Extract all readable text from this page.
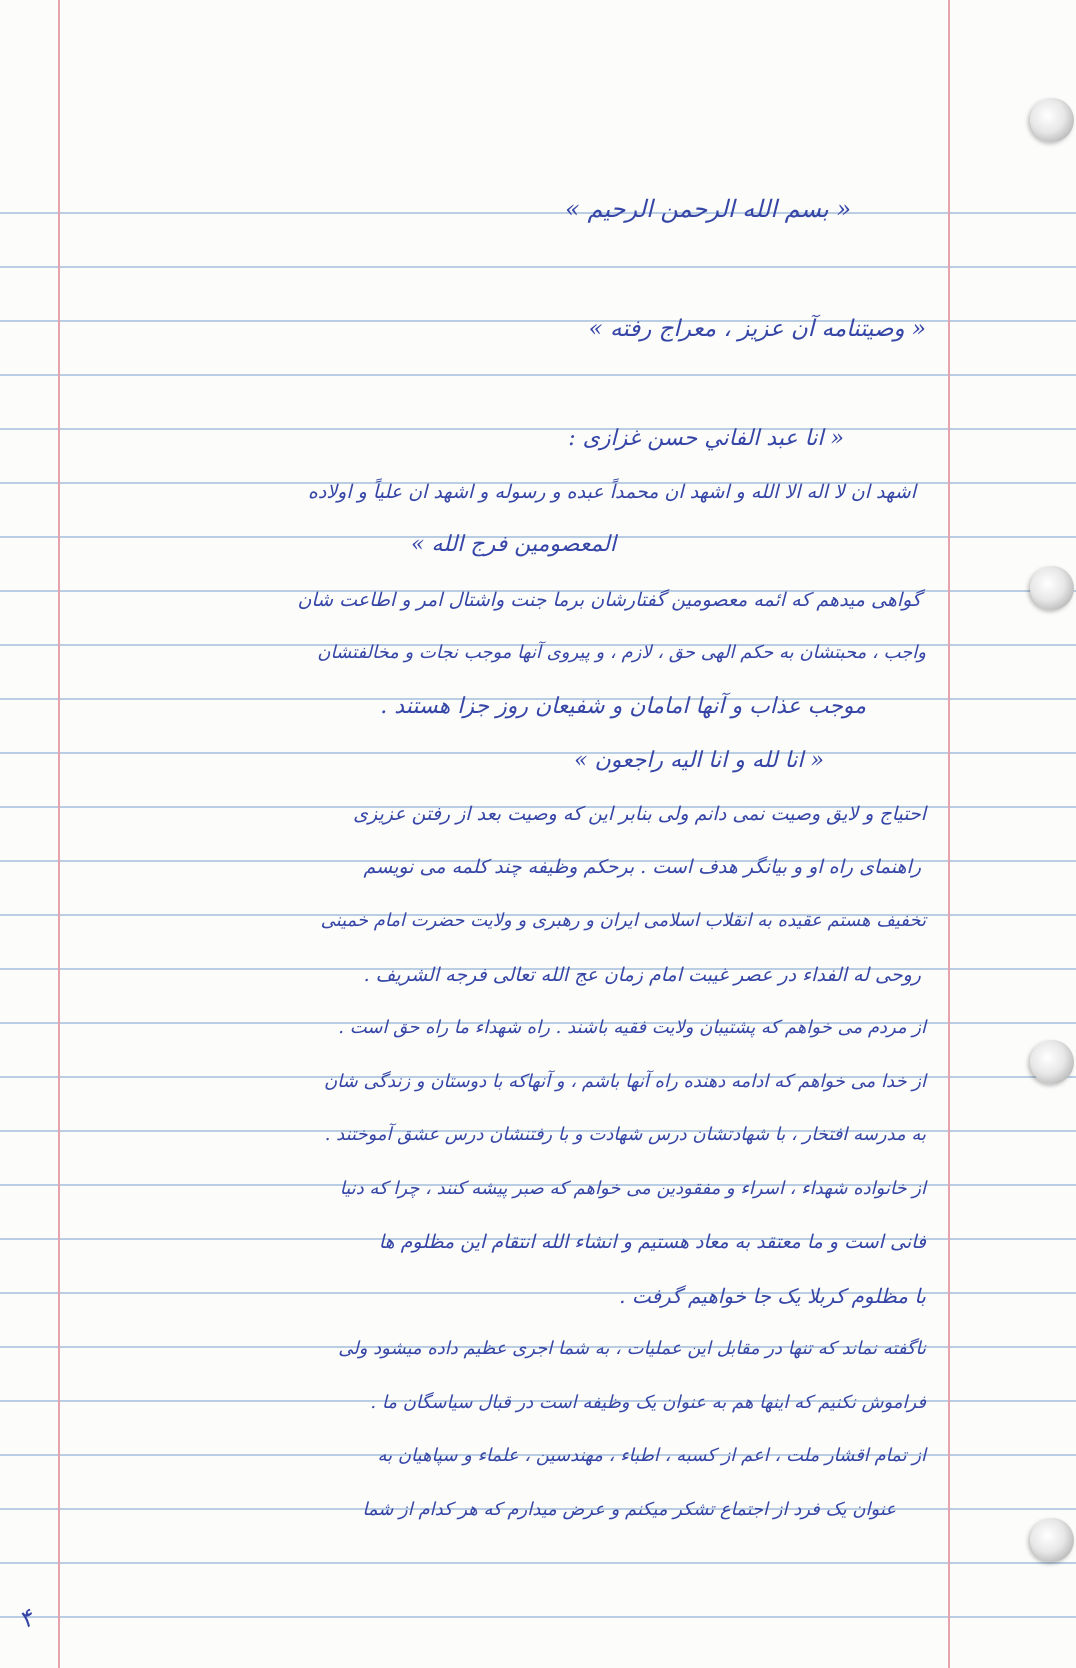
« بسم الله الرحمن الرحیم »
« وصیتنامه آن عزیز ، معراج رفته »
« انا عبد الفاني حسن غزازی :
اشهد ان لا اله الا الله و اشهد ان محمداً عبده و رسوله و اشهد ان علیاً و اولاده
المعصومین فرج الله »
گواهی میدهم که ائمه معصومین گفتارشان برما جنت واشتال امر و اطاعت شان
واجب ، محبتشان به حکم الهی حق ، لازم ، و پیروی آنها موجب نجات و مخالفتشان
موجب عذاب و آنها امامان و شفیعان روز جزا هستند .
« انا لله و انا الیه راجعون »
احتیاج و لایق وصیت نمی دانم ولی بنابر این که وصیت بعد از رفتن عزیزی
راهنمای راه او و بیانگر هدف است . برحکم وظیفه چند کلمه می نویسم
تخفیف هستم عقیده به انقلاب اسلامی ایران و رهبری و ولایت حضرت امام خمینی
روحی له الفداء در عصر غیبت امام زمان عج الله تعالی فرجه الشریف .
از مردم می خواهم که پشتیبان ولایت فقیه باشند . راه شهداء ما راه حق است .
از خدا می خواهم که ادامه دهنده راه آنها باشم ، و آنهاکه با دوستان و زندگی شان
به مدرسه افتخار ، با شهادتشان درس شهادت و با رفتنشان درس عشق آموختند .
از خانواده شهداء ، اسراء و مفقودین می خواهم که صبر پیشه کنند ، چرا که دنیا
فانی است و ما معتقد به معاد هستیم و انشاء الله انتقام این مظلوم ها
با مظلوم کربلا یک جا خواهیم گرفت .
ناگفته نماند که تنها در مقابل این عملیات ، به شما اجری عظیم داده میشود ولی
فراموش نکنیم که اینها هم به عنوان یک وظیفه است در قبال سیاسگان ما .
از تمام اقشار ملت ، اعم از کسبه ، اطباء ، مهندسین ، علماء و سپاهیان به
عنوان یک فرد از اجتماع تشکر میکنم و عرض میدارم که هر کدام از شما
۴
